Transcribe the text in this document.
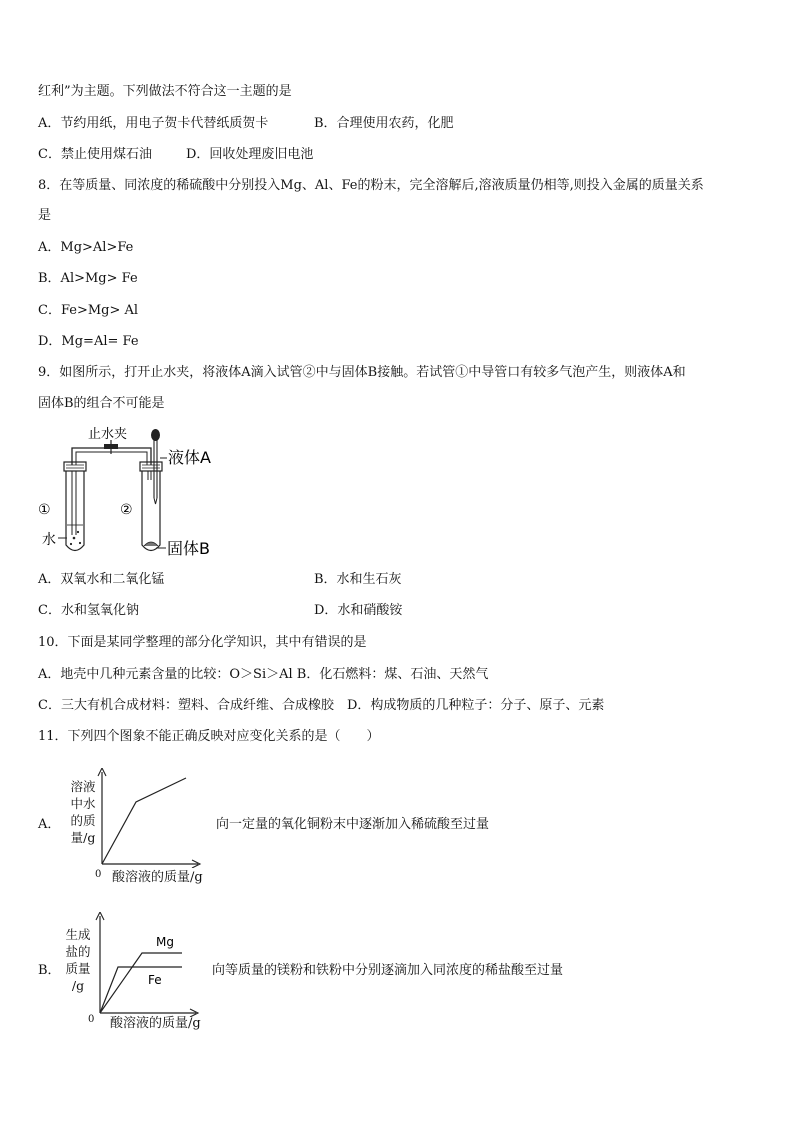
红利”为主题。下列做法不符合这一主题的是
A．节约用纸，用电子贺卡代替纸质贺卡	B．合理使用农药，化肥
C．禁止使用煤石油	D．回收处理废旧电池
8．在等质量、同浓度的稀硫酸中分别投入Mg、Al、Fe的粉末，完全溶解后,溶液质量仍相等,则投入金属的质量关系
是
A．Mg>Al>Fe
B．Al>Mg> Fe
C．Fe>Mg> Al
D．Mg=Al= Fe
9．如图所示，打开止水夹，将液体A滴入试管②中与固体B接触。若试管①中导管口有较多气泡产生，则液体A和
固体B的组合不可能是
止水夹
①
水
②
液体A
固体B
A．双氧水和二氧化锰	B．水和生石灰
C．水和氢氧化钠	D．水和硝酸铵
10．下面是某同学整理的部分化学知识，其中有错误的是
A．地壳中几种元素含量的比较：O＞Si＞Al B．化石燃料：煤、石油、天然气
C．三大有机合成材料：塑料、合成纤维、合成橡胶　D．构成物质的几种粒子：分子、原子、元素
11．下列四个图象不能正确反映对应变化关系的是（　　）
A．
溶液
中水
的质
量/g
0 酸溶液的质量/g
向一定量的氧化铜粉末中逐渐加入稀硫酸至过量
B．
生成
盐的
质量
/g
Mg
Fe
0 酸溶液的质量/g
向等质量的镁粉和铁粉中分别逐滴加入同浓度的稀盐酸至过量
